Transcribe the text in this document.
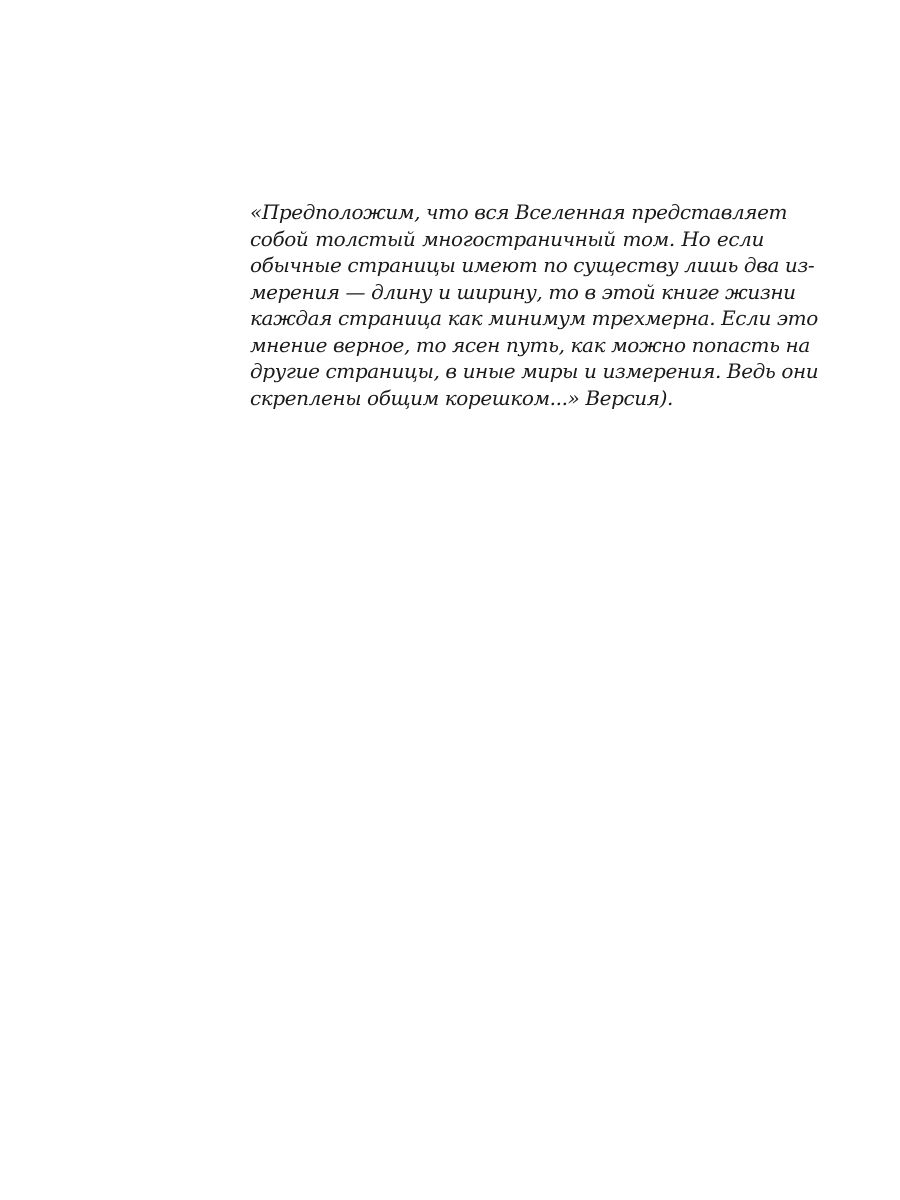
«Предположим, что вся Вселенная представляет
собой толстый многостраничный том. Но если
обычные страницы имеют по существу лишь два из-
мерения — длину и ширину, то в этой книге жизни
каждая страница как минимум трехмерна. Если это
мнение верное, то ясен путь, как можно попасть на
другие страницы, в иные миры и измерения. Ведь они
скреплены общим корешком...» Версия).
